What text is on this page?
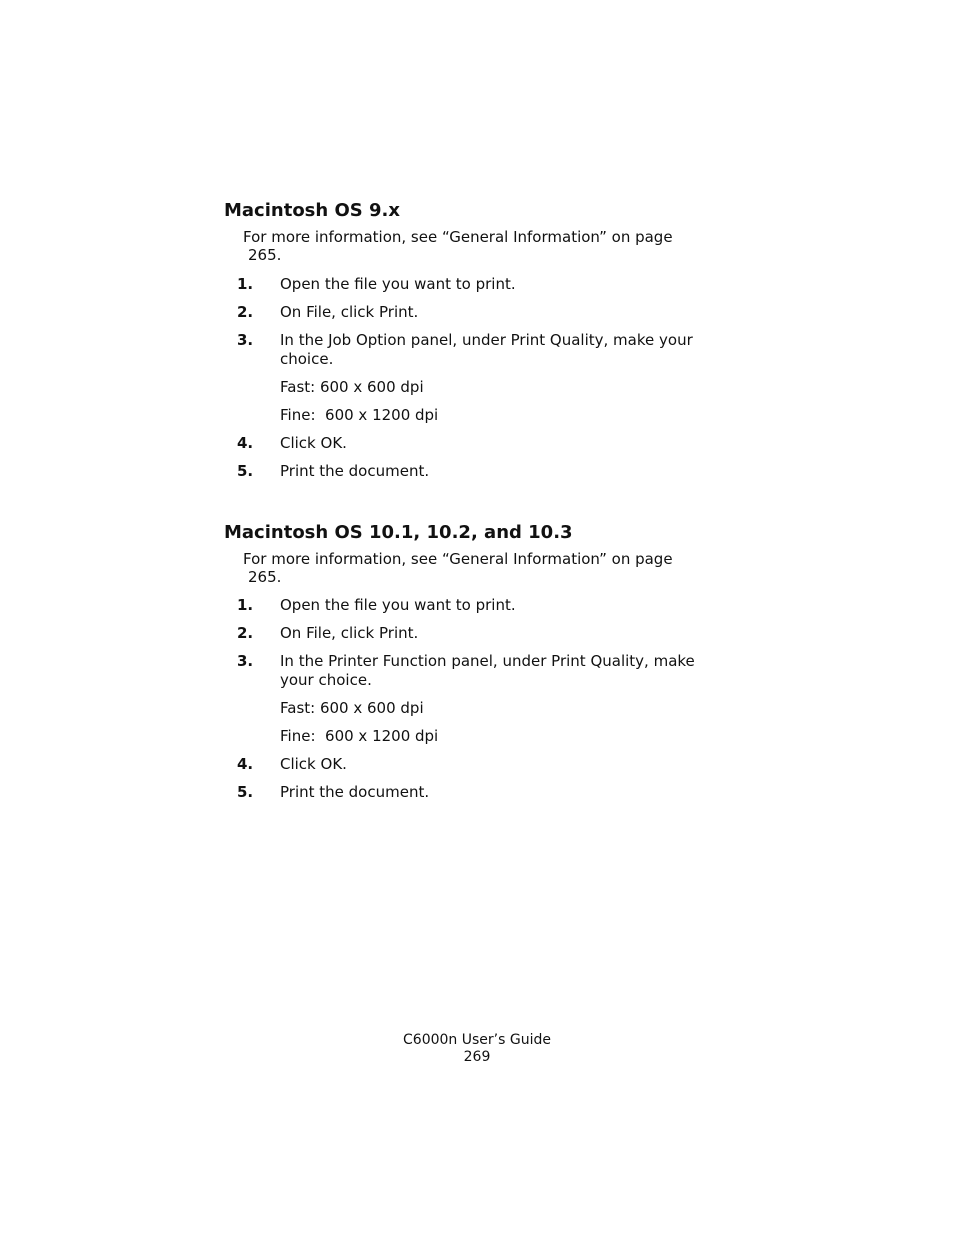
Macintosh OS 9.x
For more information, see “General Information” on page
265.
1. Open the file you want to print.
2. On File, click Print.
3. In the Job Option panel, under Print Quality, make your choice.
Fast: 600 x 600 dpi
Fine:  600 x 1200 dpi
4. Click OK.
5. Print the document.
Macintosh OS 10.1, 10.2, and 10.3
For more information, see “General Information” on page
265.
1. Open the file you want to print.
2. On File, click Print.
3. In the Printer Function panel, under Print Quality, make your choice.
Fast: 600 x 600 dpi
Fine:  600 x 1200 dpi
4. Click OK.
5. Print the document.
C6000n User’s Guide
269
